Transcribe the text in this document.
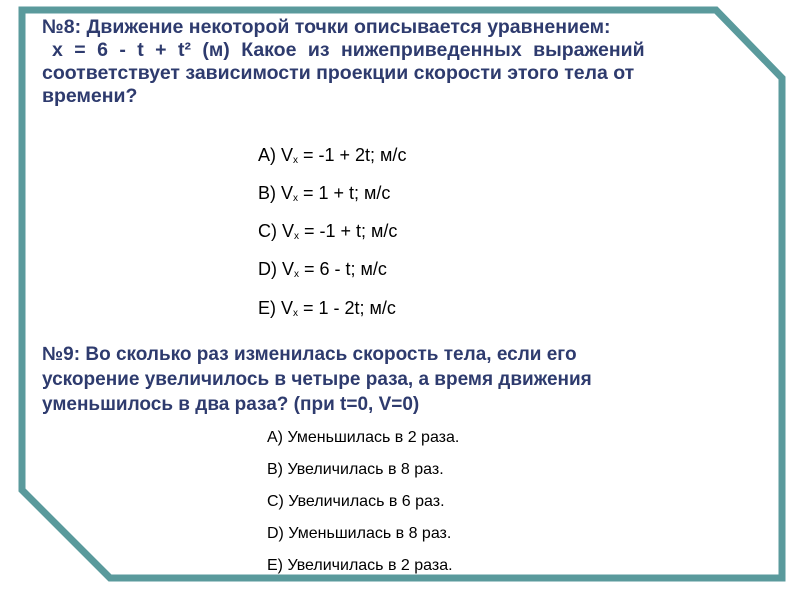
№8: Движение некоторой точки описывается уравнением:
x = 6 - t + t² (м) Какое из нижеприведенных выражений
соответствует зависимости проекции скорости этого тела от
времени?
A) $V_x = -1 + 2t$; м/с
B) $V_x = 1 + t$; м/с
C) $V_x = -1 + t$; м/с
D) $V_x = 6 - t$; м/с
E) $V_x = 1 - 2t$; м/с
№9: Во сколько раз изменилась скорость тела, если его
ускорение увеличилось в четыре раза, а время движения
уменьшилось в два раза? (при t=0, V=0)
A) Уменьшилась в 2 раза.
B) Увеличилась в 8 раз.
C) Увеличилась в 6 раз.
D) Уменьшилась в 8 раз.
E) Увеличилась в 2 раза.
